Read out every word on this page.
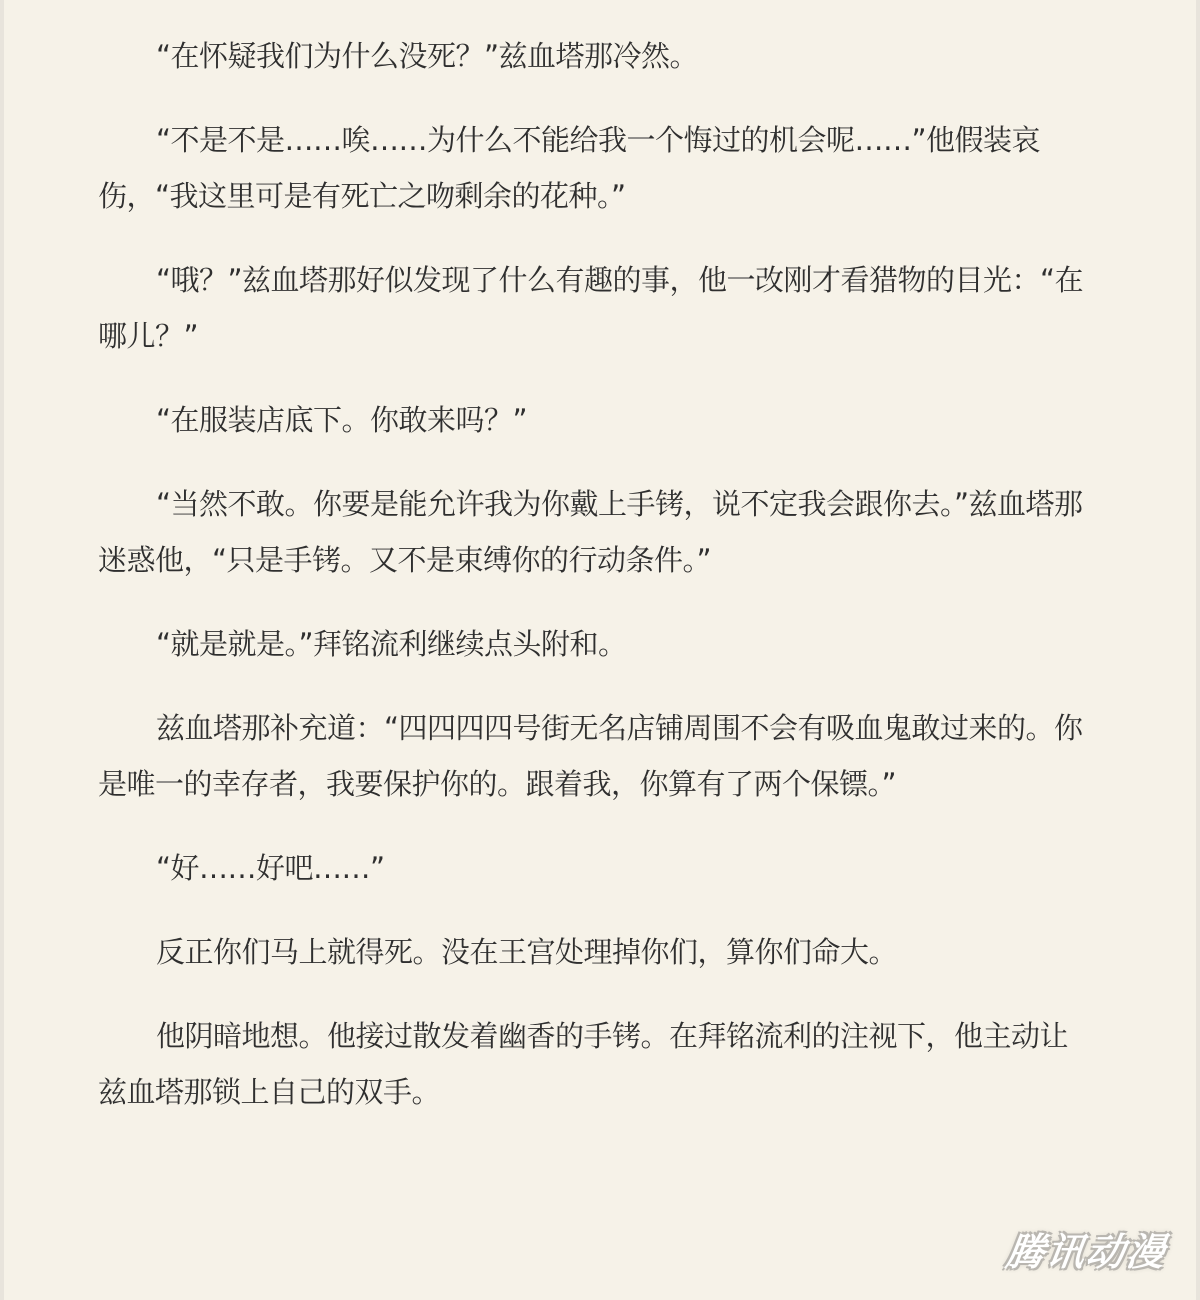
“在怀疑我们为什么没死？”兹血塔那冷然。

“不是不是……唉……为什么不能给我一个悔过的机会呢……”他假装哀伤，“我这里可是有死亡之吻剩余的花种。”

“哦？”兹血塔那好似发现了什么有趣的事，他一改刚才看猎物的目光：“在哪儿？”

“在服装店底下。你敢来吗？”

“当然不敢。你要是能允许我为你戴上手铐，说不定我会跟你去。”兹血塔那迷惑他，“只是手铐。又不是束缚你的行动条件。”

“就是就是。”拜铭流利继续点头附和。

兹血塔那补充道：“四四四四号街无名店铺周围不会有吸血鬼敢过来的。你是唯一的幸存者，我要保护你的。跟着我，你算有了两个保镖。”

“好……好吧……”

反正你们马上就得死。没在王宫处理掉你们，算你们命大。

他阴暗地想。他接过散发着幽香的手铐。在拜铭流利的注视下，他主动让兹血塔那锁上自己的双手。

腾讯动漫
